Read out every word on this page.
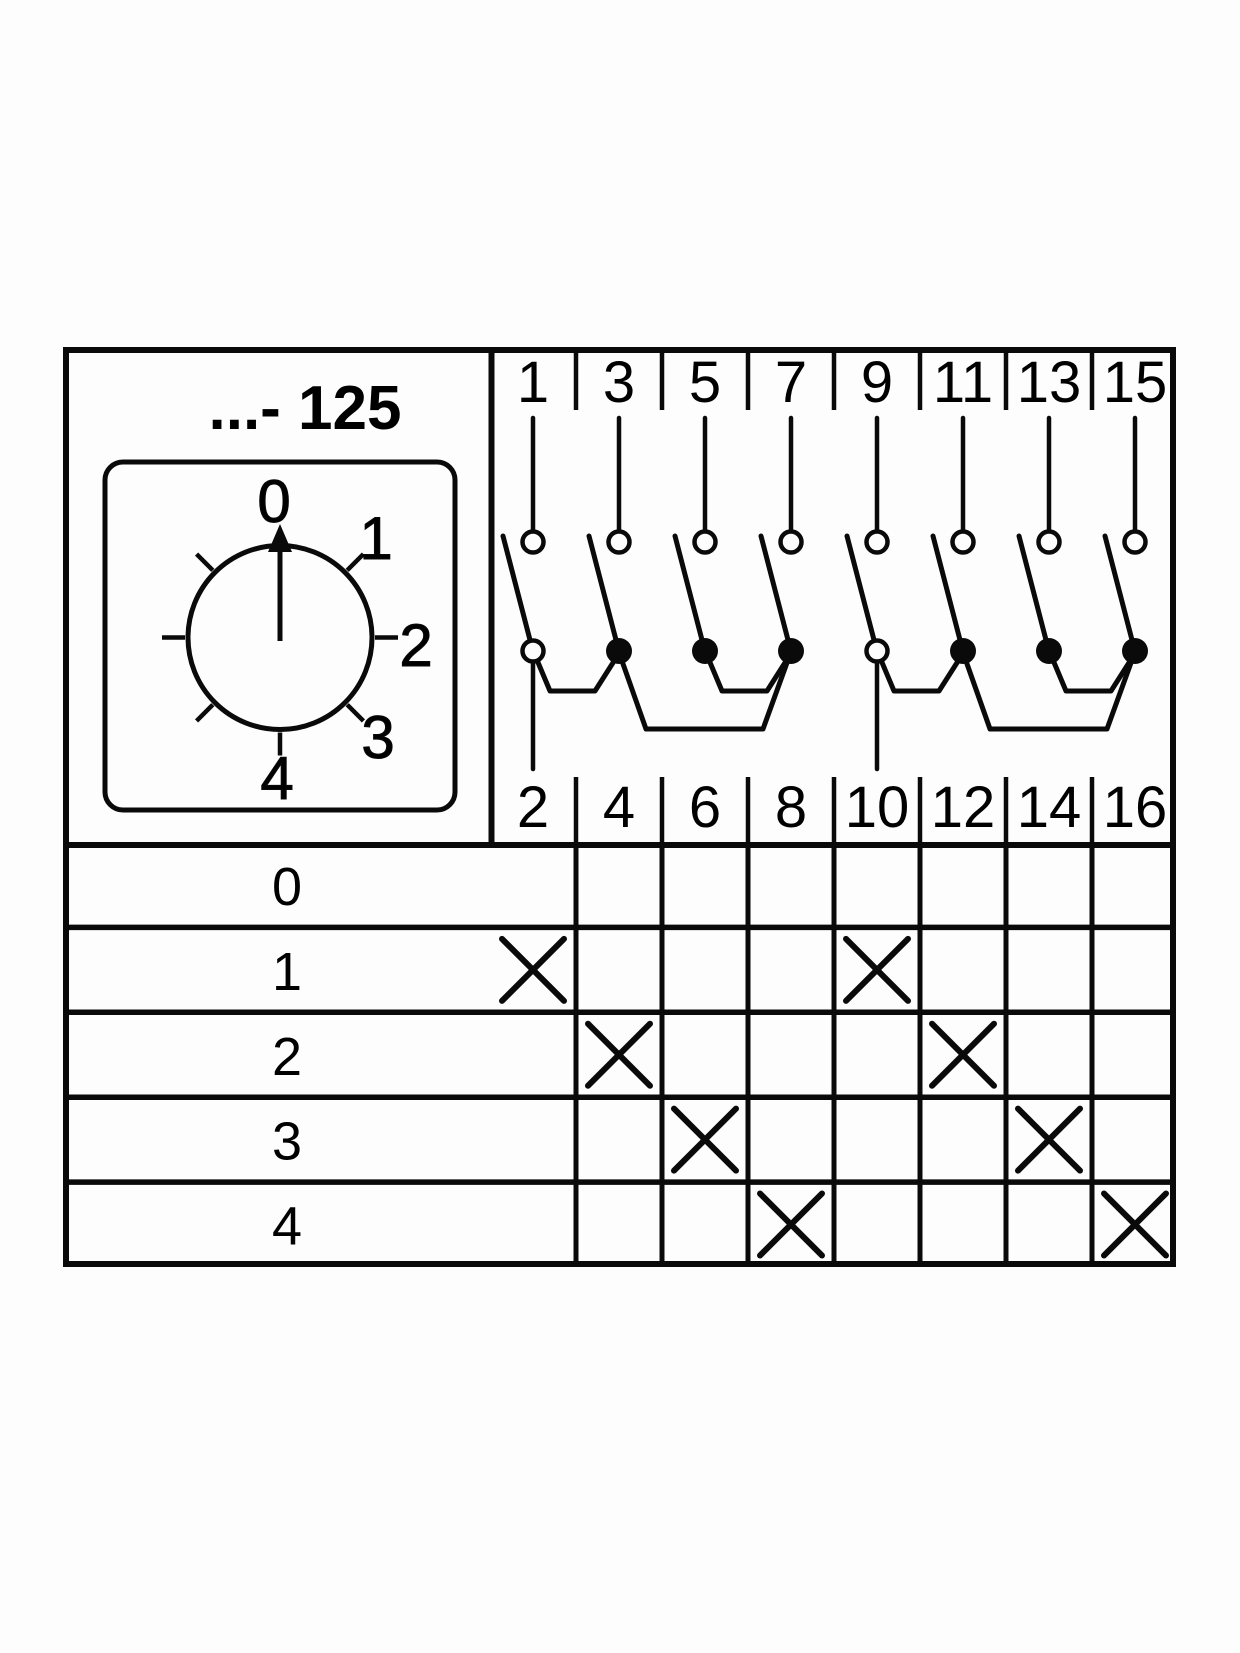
1 3 5 7 9 11 13 15
2 4 6 8 10 12 14 16
0
1
2
3
4
0
1
2
3
4
...- 125
